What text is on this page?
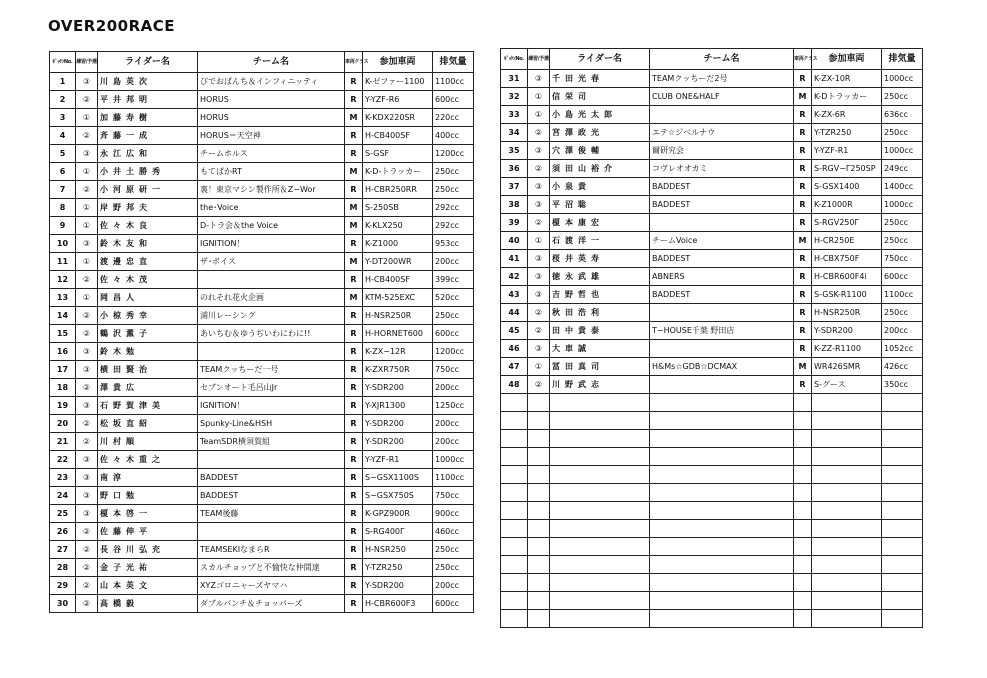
OVER200RACE
ｾﾞｯｹﾝNo.	練習/予選	ライダー名	チーム名	車両クラス	参加車両	排気量
1	③	川島英次	ぴでおぱんち＆インフィニッティ	R	K-ゼファー1100	1100cc
2	②	平井邦明	HORUS	R	Y-YZF-R6	600cc
3	①	加藤寿樹	HORUS	M	K-KDX220SR	220cc
4	②	斉藤一成	HORUS＝天空神	R	H-CB400SF	400cc
5	③	永江広和	チームホルス	R	S-GSF	1200cc
6	①	小井土勝秀	もてぱかRT	M	K-D-トラッカー	250cc
7	②	小河原研一	裏！東京マシン製作所＆Z−Wor	R	H-CBR250RR	250cc
8	①	岸野邦夫	the･Voice	M	S-250SB	292cc
9	①	佐々木良	D-トラ会＆the Voice	M	K-KLX250	292cc
10	③	鈴木友和	IGNITION！	R	K-Z1000	953cc
11	①	渡邊忠直	ザ･ボイス	M	Y-DT200WR	200cc
12	②	佐々木茂		R	H-CB400SF	399cc
13	①	岡昌人	のれそれ花火企画	M	KTM-525EXC	520cc
14	②	小椋秀幸	浦川レーシング	R	H-NSR250R	250cc
15	②	鶴沢薫子	あいちむ＆ゆうぢいわにわに!!	R	H-HORNET600	600cc
16	③	鈴木勉		R	K-ZX−12R	1200cc
17	③	横田賢治	TEAMクッちーだ一号	R	K-ZXR750R	750cc
18	②	澤貴広	セブンオート毛呂山Jr	R	Y-SDR200	200cc
19	③	石野賀津美	IGNITION！	R	Y-XJR1300	1250cc
20	②	松坂直紹	Spunky-Line&HSH	R	Y-SDR200	200cc
21	②	川村順	TeamSDR横須賀組	R	Y-SDR200	200cc
22	③	佐々木重之		R	Y-YZF-R1	1000cc
23	③	南淳	BADDEST	R	S−GSX1100S	1100cc
24	③	野口勉	BADDEST	R	S−GSX750S	750cc
25	③	榎本啓一	TEAM後藤	R	K-GPZ900R	900cc
26	②	佐藤伸平		R	S-RG400Γ	460cc
27	②	長谷川弘充	TEAMSEKIなまらR	R	H-NSR250	250cc
28	②	金子光祐	スカルチョップと不愉快な仲間達	R	Y-TZR250	250cc
29	②	山本英文	XYZゴロニャーズヤマハ	R	Y-SDR200	200cc
30	②	高橋毅	ダブルパンチ＆チョッパーズ	R	H-CBR600F3	600cc
ｾﾞｯｹﾝNo.	練習/予選	ライダー名	チーム名	車両クラス	参加車両	排気量
31	③	千田光春	TEAMクッちーだ2号	R	K-ZX-10R	1000cc
32	①	信栄司	CLUB ONE&HALF	M	K-Dトラッカー	250cc
33	①	小島光太郎		R	K-ZX-6R	636cc
34	②	宮澤政光	エテ☆ジベルナウ	R	Y-TZR250	250cc
35	③	穴澤俊輔	爾研究会	R	Y-YZF-R1	1000cc
36	②	須田山裕介	コヴレオオカミ	R	S-RGV−Γ250SP	249cc
37	③	小泉貴	BADDEST	R	S-GSX1400	1400cc
38	③	平沼聡	BADDEST	R	K-Z1000R	1000cc
39	②	榎本康宏		R	S-RGV250Γ	250cc
40	①	石渡洋一	チームVoice	M	H-CR250E	250cc
41	③	桜井英寿	BADDEST	R	H-CBX750F	750cc
42	③	徳永武雄	ABNERS	R	H-CBR600F4i	600cc
43	③	吉野哲也	BADDEST	R	S-GSK-R1100	1100cc
44	②	秋田浩利		R	H-NSR250R	250cc
45	②	田中貴泰	T−HOUSE千葉 野田店	R	Y-SDR200	200cc
46	③	大車誠		R	K-ZZ-R1100	1052cc
47	①	冨田真司	H&Ms☆GDB☆DCMAX	M	WR426SMR	426cc
48	②	川野武志		R	S-グース	350cc
